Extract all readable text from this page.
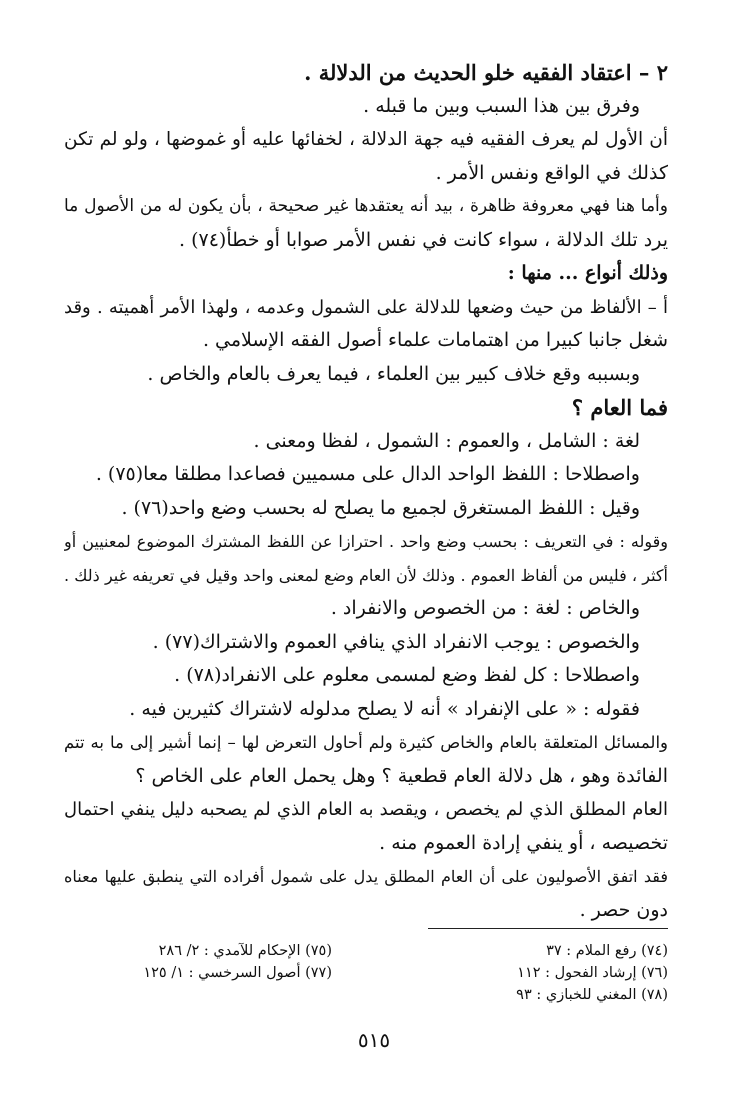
٢ – اعتقاد الفقيه خلو الحديث من الدلالة .
وفرق بين هذا السبب وبين ما قبله .
أن الأول لم يعرف الفقيه فيه جهة الدلالة ، لخفائها عليه أو غموضها ، ولو لم تكن
كذلك في الواقع ونفس الأمر .
وأما هنا فهي معروفة ظاهرة ، بيد أنه يعتقدها غير صحيحة ، بأن يكون له من الأصول ما
يرد تلك الدلالة ، سواء كانت في نفس الأمر صوابا أو خطأ(٧٤) .
وذلك أنواع ... منها :
أ – الألفاظ من حيث وضعها للدلالة على الشمول وعدمه ، ولهذا الأمر أهميته . وقد
شغل جانبا كبيرا من اهتمامات علماء أصول الفقه الإسلامي .
وبسببه وقع خلاف كبير بين العلماء ، فيما يعرف بالعام والخاص .
فما العام ؟
لغة : الشامل ، والعموم : الشمول ، لفظا ومعنى .
واصطلاحا : اللفظ الواحد الدال على مسميين فصاعدا مطلقا معا(٧٥) .
وقيل : اللفظ المستغرق لجميع ما يصلح له بحسب وضع واحد(٧٦) .
وقوله : في التعريف : بحسب وضع واحد . احترازا عن اللفظ المشترك الموضوع لمعنيين أو
أكثر ، فليس من ألفاظ العموم . وذلك لأن العام وضع لمعنى واحد وقيل في تعريفه غير ذلك .
والخاص : لغة : من الخصوص والانفراد .
والخصوص : يوجب الانفراد الذي ينافي العموم والاشتراك(٧٧) .
واصطلاحا : كل لفظ وضع لمسمى معلوم على الانفراد(٧٨) .
فقوله : « على الإنفراد » أنه لا يصلح مدلوله لاشتراك كثيرين فيه .
والمسائل المتعلقة بالعام والخاص كثيرة ولم أحاول التعرض لها – إنما أشير إلى ما به تتم
الفائدة وهو ، هل دلالة العام قطعية ؟ وهل يحمل العام على الخاص ؟
العام المطلق الذي لم يخصص ، ويقصد به العام الذي لم يصحبه دليل ينفي احتمال
تخصيصه ، أو ينفي إرادة العموم منه .
فقد اتفق الأصوليون على أن العام المطلق يدل على شمول أفراده التي ينطبق عليها معناه
دون حصر .
(٧٤) رفع الملام : ٣٧
(٧٦) إرشاد الفحول : ١١٢
(٧٨) المغني للخبازي : ٩٣
(٧٥) الإحكام للآمدي : ٢/ ٢٨٦
(٧٧) أصول السرخسي : ١/ ١٢٥
٥١٥
